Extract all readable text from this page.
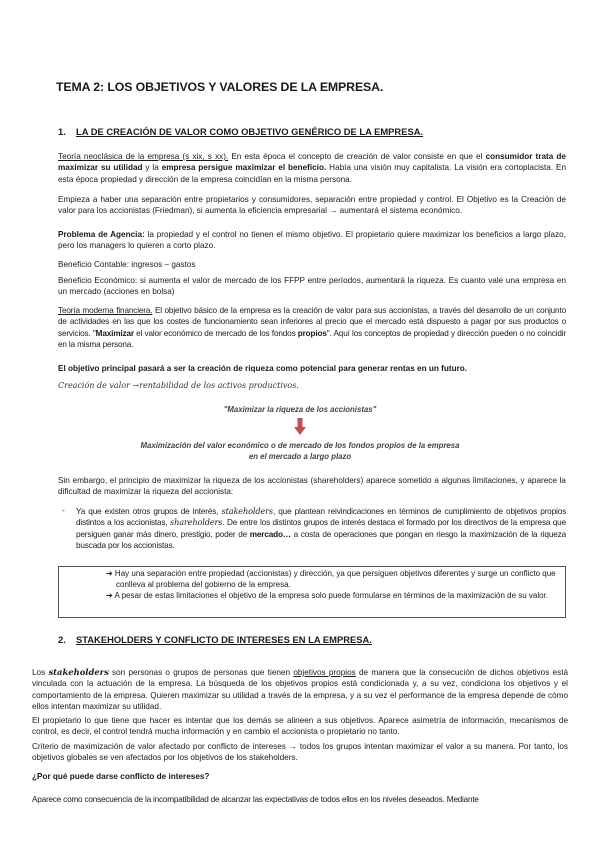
TEMA 2: LOS OBJETIVOS Y VALORES DE LA EMPRESA.
1. LA DE CREACIÓN DE VALOR COMO OBJETIVO GENÉRICO DE LA EMPRESA.

Teoría neoclásica de la empresa (s xix, s xx). En esta época el concepto de creación de valor consiste en que el consumidor trata de maximizar su utilidad y la empresa persigue maximizar el beneficio. Había una visión muy capitalista. La visión era cortoplacista. En esta época propiedad y dirección de la empresa coincidían en la misma persona.

Empieza a haber una separación entre propietarios y consumidores, separación entre propiedad y control. El Objetivo es la Creación de valor para los accionistas (Friedman), si aumenta la eficiencia empresarial → aumentará el sistema económico.

Problema de Agencia: la propiedad y el control no tienen el mismo objetivo. El propietario quiere maximizar los beneficios a largo plazo, pero los managers lo quieren a corto plazo.

Beneficio Contable: ingresos – gastos

Beneficio Económico: si aumenta el valor de mercado de los FFPP entre períodos, aumentará la riqueza. Es cuanto vale una empresa en un mercado (acciones en bolsa)

Teoría moderna financiera. El objetivo básico de la empresa es la creación de valor para sus accionistas, a través del desarrollo de un conjunto de actividades en las que los costes de funcionamiento sean inferiores al precio que el mercado está dispuesto a pagar por sus productos o servicios. "Maximizar el valor económico de mercado de los fondos propios". Aquí los conceptos de propiedad y dirección pueden o no coincidir en la misma persona.

El objetivo principal pasará a ser la creación de riqueza como potencial para generar rentas en un futuro.

Creación de valor →rentabilidad de los activos productivos.

"Maximizar la riqueza de los accionistas"
Maximización del valor económico o de mercado de los fondos propios de la empresa en el mercado a largo plazo

Sin embargo, el principio de maximizar la riqueza de los accionistas (shareholders) aparece sometido a algunas limitaciones, y aparece la dificultad de maximizar la riqueza del accionista:

- Ya que existen otros grupos de interés, stakeholders, que plantean reivindicaciones en términos de cumplimiento de objetivos propios distintos a los accionistas, shareholders. De entre los distintos grupos de interés destaca el formado por los directivos de la empresa que persiguen ganar más dinero, prestigio, poder de mercado… a costa de operaciones que pongan en riesgo la maximización de la riqueza buscada por los accionistas.

➔ Hay una separación entre propiedad (accionistas) y dirección, ya que persiguen objetivos diferentes y surge un conflicto que conlleva al problema del gobierno de la empresa.

➔ A pesar de estas limitaciones el objetivo de la empresa solo puede formularse en términos de la maximización de su valor.

2. STAKEHOLDERS Y CONFLICTO DE INTERESES EN LA EMPRESA.

Los stakeholders son personas o grupos de personas que tienen objetivos propios de manera que la consecución de dichos objetivos está vinculada con la actuación de la empresa. La búsqueda de los objetivos propios está condicionada y, a su vez, condiciona los objetivos y el comportamiento de la empresa. Quieren maximizar su utilidad a través de la empresa, y a su vez el performance de la empresa depende de cómo ellos intentan maximizar su utilidad.

El propietario lo que tiene que hacer es intentar que los demás se alineen a sus objetivos. Aparece asimetría de información, mecanismos de control, es decir, el control tendrá mucha información y en cambio el accionista o propietario no tanto.

Criterio de maximización de valor afectado por conflicto de intereses → todos los grupos intentan maximizar el valor a su manera. Por tanto, los objetivos globales se ven afectados por los objetivos de los stakeholders.

¿Por qué puede darse conflicto de intereses?

Aparece como consecuencia de la incompatibilidad de alcanzar las expectativas de todos ellos en los niveles deseados. Mediante
